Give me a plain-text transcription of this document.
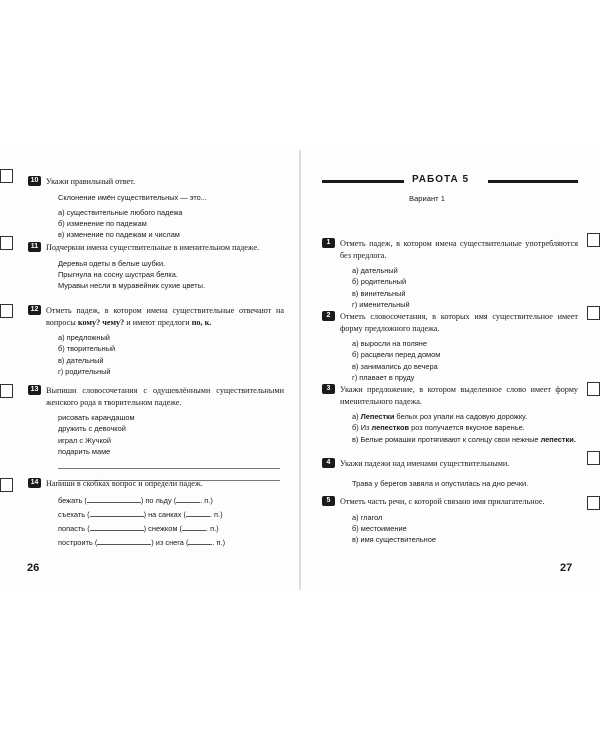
10 Укажи правильный ответ.
Склонение имён существительных — это...
а) существительные любого падежа
б) изменение по падежам
в) изменение по падежам и числам
11 Подчеркни имена существительные в именительном падеже.
Деревья одеты в белые шубки.
Прыгнула на сосну шустрая белка.
Муравьи несли в муравейник сухие цветы.
12 Отметь падеж, в котором имена существительные отвечают на вопросы кому? чему? и имеют предлоги по, к.
а) предложный
б) творительный
в) дательный
г) родительный
13 Выпиши словосочетания с одушевлёнными существительными женского рода в творительном падеже.
рисовать карандашом
дружить с девочкой
играл с Жучкой
подарить маме
14 Напиши в скобках вопрос и определи падеж.
бежать (	) по льду (	. п.)
съехать (	) на санках (	. п.)
попасть (	) снежком (	. п.)
построить (	) из снега (	. п.)
26
РАБОТА 5
Вариант 1
1	Отметь падеж, в котором имена существительные употребляются без предлога.
а) дательный
б) родительный
в) винительный
г) именительный
2	Отметь словосочетания, в которых имя существительное имеет форму предложного падежа.
а) выросли на поляне
б) расцвели перед домом
в) занимались до вечера
г) плавает в пруду
3	Укажи предложение, в котором выделенное слово имеет форму именительного падежа.
а) Лепестки белых роз упали на садовую дорожку.
б) Из лепестков роз получается вкусное варенье.
в) Белые ромашки протягивают к солнцу свои нежные лепестки.
4	Укажи падежи над именами существительными.
Трава у берегов завяла и опустилась на дно речки.
5	Отметь часть речи, с которой связано имя прилагательное.
а) глагол
б) местоимение
в) имя существительное
27
